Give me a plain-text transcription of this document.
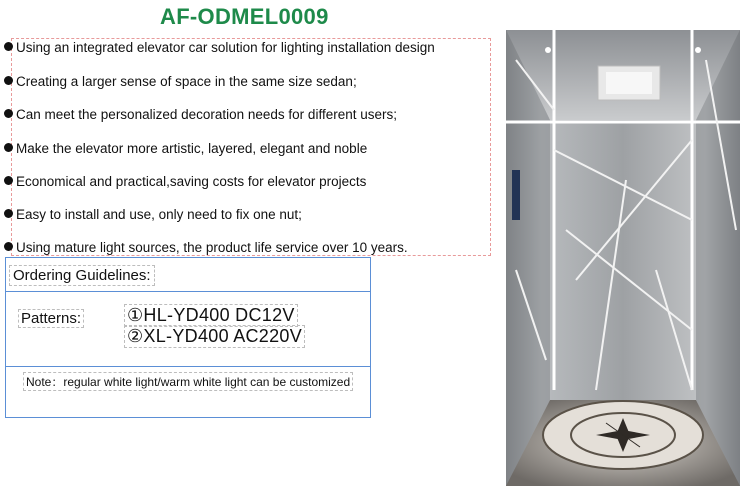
AF-ODMEL0009
Using an integrated elevator car solution for lighting installation design
Creating a larger sense of space in the same size sedan;
Can meet the personalized decoration needs for different users;
Make the elevator more artistic, layered, elegant and noble
Economical and practical,saving costs for elevator projects
Easy to install and use, only need to fix one nut;
Using mature light sources, the product life service over 10 years.
Ordering Guidelines:
Patterns:	①HL-YD400 DC12V
②XL-YD400 AC220V
Note：regular white light/warm white light can be customized
